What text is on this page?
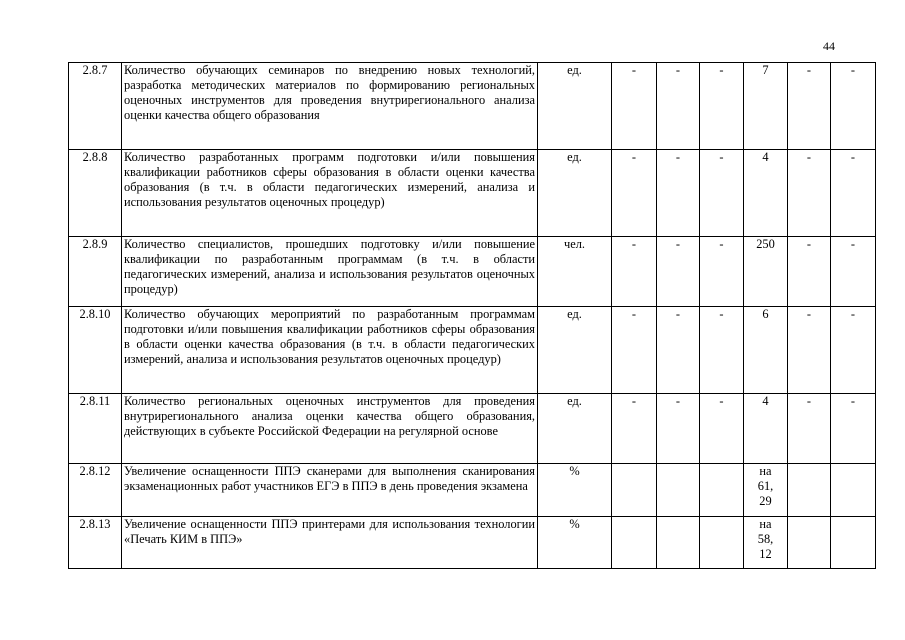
44
2.8.7	Количество обучающих семинаров по внедрению новых технологий, разработка методических материалов по формированию региональных оценочных инструментов для проведения внутрирегионального анализа оценки качества общего образования	ед.	-	-	-	7	-	-
2.8.8	Количество разработанных программ подготовки и/или повышения квалификации работников сферы образования в области оценки качества образования (в т.ч. в области педагогических измерений, анализа и использования результатов оценочных процедур)	ед.	-	-	-	4	-	-
2.8.9	Количество специалистов, прошедших подготовку и/или повышение квалификации по разработанным программам (в т.ч. в области педагогических измерений, анализа и использования результатов оценочных процедур)	чел.	-	-	-	250	-	-
2.8.10	Количество обучающих мероприятий по разработанным программам подготовки и/или повышения квалификации работников сферы образования в области оценки качества образования (в т.ч. в области педагогических измерений, анализа и использования результатов оценочных процедур)	ед.	-	-	-	6	-	-
2.8.11	Количество региональных оценочных инструментов для проведения внутрирегионального анализа оценки качества общего образования, действующих в субъекте Российской Федерации на регулярной основе	ед.	-	-	-	4	-	-
2.8.12	Увеличение оснащенности ППЭ сканерами для выполнения сканирования экзаменационных работ участников ЕГЭ в ППЭ в день проведения экзамена	%				на 61,29		
2.8.13	Увеличение оснащенности ППЭ принтерами для использования технологии «Печать КИМ в ППЭ»	%				на 58,12		
